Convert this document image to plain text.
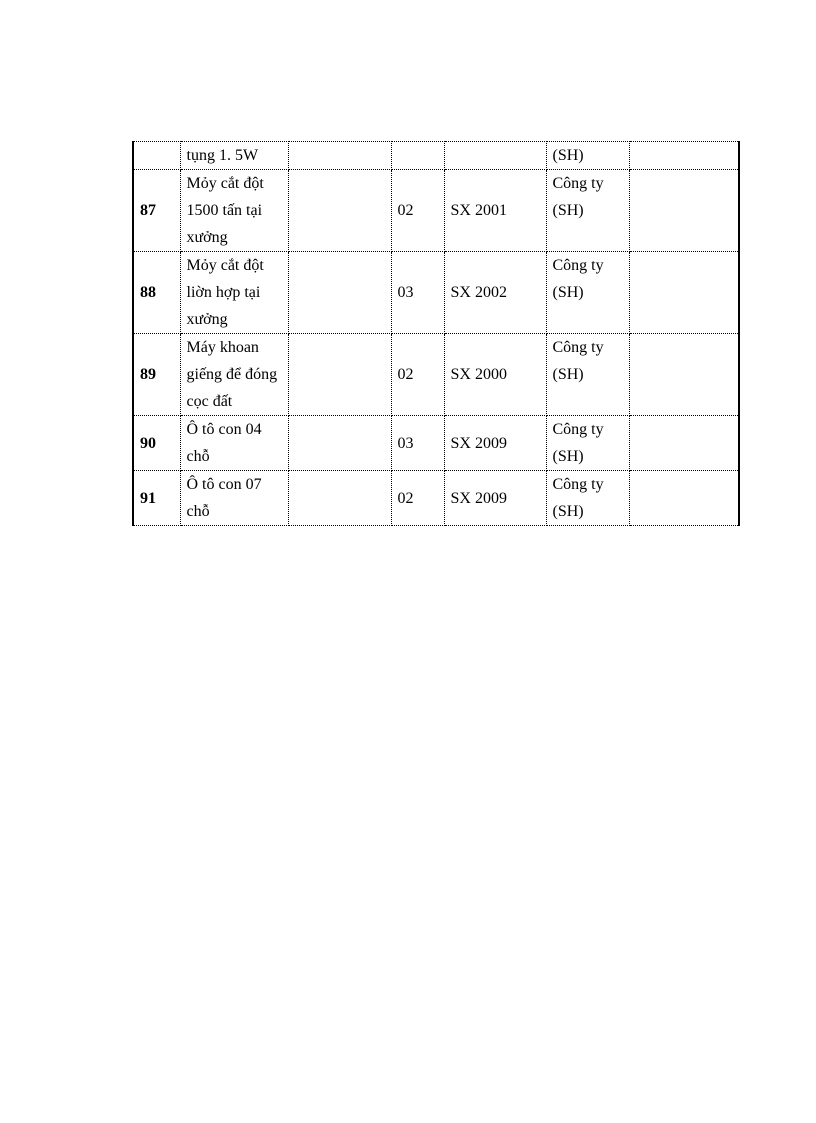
	tụng 1. 5W				(SH)	
87	Mỏy cắt đột 1500 tấn tại xưởng		02	SX 2001	Công ty (SH)	
88	Mỏy cắt đột liờn hợp tại xưởng		03	SX 2002	Công ty (SH)	
89	Máy khoan giếng để đóng cọc đất		02	SX 2000	Công ty (SH)	
90	Ô tô con 04 chỗ		03	SX 2009	Công ty (SH)	
91	Ô tô con 07 chỗ		02	SX 2009	Công ty (SH)	
